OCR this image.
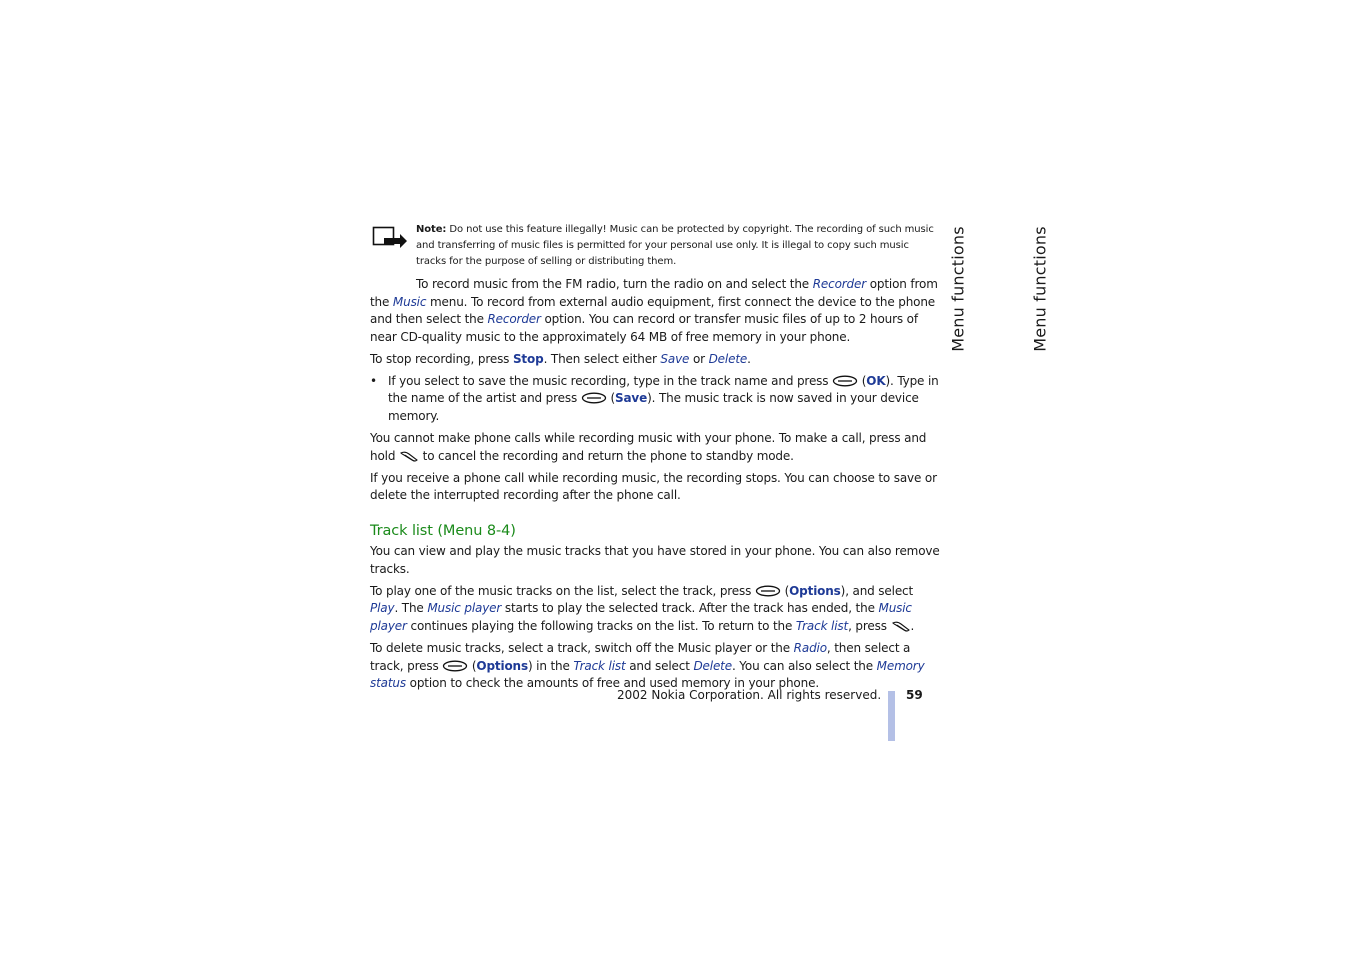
Note: Do not use this feature illegally! Music can be protected by copyright. The recording of such music and transferring of music files is permitted for your personal use only. It is illegal to copy such music tracks for the purpose of selling or distributing them.

To record music from the FM radio, turn the radio on and select the Recorder option from the Music menu. To record from external audio equipment, first connect the device to the phone and then select the Recorder option. You can record or transfer music files of up to 2 hours of near CD-quality music to the approximately 64 MB of free memory in your phone.

To stop recording, press Stop. Then select either Save or Delete.

• If you select to save the music recording, type in the track name and press  (OK). Type in the name of the artist and press  (Save). The music track is now saved in your device memory.

You cannot make phone calls while recording music with your phone. To make a call, press and hold  to cancel the recording and return the phone to standby mode.

If you receive a phone call while recording music, the recording stops. You can choose to save or delete the interrupted recording after the phone call.

Track list (Menu 8-4)

You can view and play the music tracks that you have stored in your phone. You can also remove tracks.

To play one of the music tracks on the list, select the track, press  (Options), and select Play. The Music player starts to play the selected track. After the track has ended, the Music player continues playing the following tracks on the list. To return to the Track list, press .

To delete music tracks, select a track, switch off the Music player or the Radio, then select a track, press  (Options) in the Track list and select Delete. You can also select the Memory status option to check the amounts of free and used memory in your phone.

Menu functions	Menu functions
2002 Nokia Corporation. All rights reserved. 59
